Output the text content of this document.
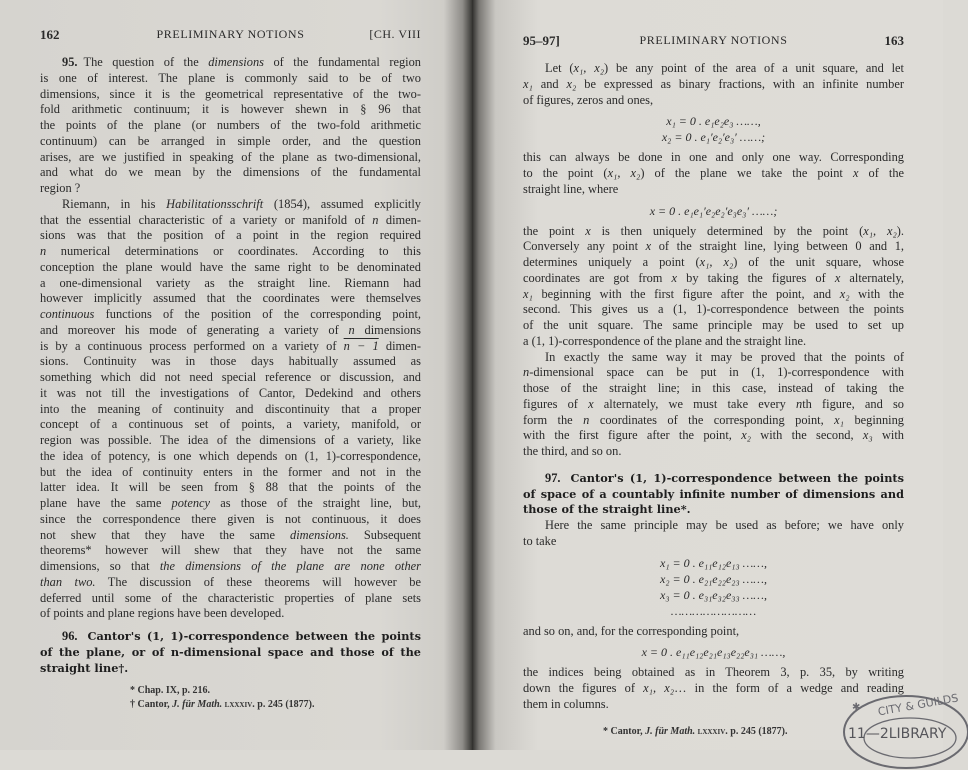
162	PRELIMINARY NOTIONS	[CH. VIII
95. The question of the dimensions of the fundamental region
is one of interest. The plane is commonly said to be of two
dimensions, since it is the geometrical representative of the two-
fold arithmetic continuum; it is however shewn in § 96 that
the points of the plane (or numbers of the two-fold arithmetic
continuum) can be arranged in simple order, and the question
arises, are we justified in speaking of the plane as two-dimensional,
and what do we mean by the dimensions of the fundamental
region ?
Riemann, in his Habilitationsschrift (1854), assumed explicitly
that the essential characteristic of a variety or manifold of n dimen-
sions was that the position of a point in the region required
n numerical determinations or coordinates. According to this
conception the plane would have the same right to be denominated
a one-dimensional variety as the straight line. Riemann had
however implicitly assumed that the coordinates were themselves
continuous functions of the position of the corresponding point,
and moreover his mode of generating a variety of n dimensions
is by a continuous process performed on a variety of n − 1 dimen-
sions. Continuity was in those days habitually assumed as
something which did not need special reference or discussion, and
it was not till the investigations of Cantor, Dedekind and others
into the meaning of continuity and discontinuity that a proper
concept of a continuous set of points, a variety, manifold, or
region was possible. The idea of the dimensions of a variety, like
the idea of potency, is one which depends on (1, 1)-correspondence,
but the idea of continuity enters in the former and not in the
latter idea. It will be seen from § 88 that the points of the
plane have the same potency as those of the straight line, but,
since the correspondence there given is not continuous, it does
not shew that they have the same dimensions. Subsequent
theorems* however will shew that they have not the same
dimensions, so that the dimensions of the plane are none other
than two. The discussion of these theorems will however be
deferred until some of the characteristic properties of plane sets
of points and plane regions have been developed.
96. Cantor's (1, 1)-correspondence between the points
of the plane, or of n-dimensional space and those of the
straight line†.
* Chap. IX, p. 216.
† Cantor, J. für Math. lxxxiv. p. 245 (1877).
95–97]	PRELIMINARY NOTIONS	163
Let (x₁, x₂) be any point of the area of a unit square, and let
x₁ and x₂ be expressed as binary fractions, with an infinite number
of figures, zeros and ones,
x₁ = 0 . e₁e₂e₃ ……,
x₂ = 0 . e₁′e₂′e₃′ ……;
this can always be done in one and only one way. Corresponding
to the point (x₁, x₂) of the plane we take the point x of the
straight line, where
x = 0 . e₁e₁′e₂e₂′e₃e₃′ ……;
the point x is then uniquely determined by the point (x₁, x₂).
Conversely any point x of the straight line, lying between 0 and 1,
determines uniquely a point (x₁, x₂) of the unit square, whose
coordinates are got from x by taking the figures of x alternately,
x₁ beginning with the first figure after the point, and x₂ with the
second. This gives us a (1, 1)-correspondence between the points
of the unit square. The same principle may be used to set up
a (1, 1)-correspondence of the plane and the straight line.
In exactly the same way it may be proved that the points of
n-dimensional space can be put in (1, 1)-correspondence with
those of the straight line; in this case, instead of taking the
figures of x alternately, we must take every nth figure, and so
form the n coordinates of the corresponding point, x₁ beginning
with the first figure after the point, x₂ with the second, x₃ with
the third, and so on.
97. Cantor's (1, 1)-correspondence between the points
of space of a countably infinite number of dimensions and
those of the straight line*.
Here the same principle may be used as before; we have only
to take
x₁ = 0 . e₁₁e₁₂e₁₃ ……,
x₂ = 0 . e₂₁e₂₂e₂₃ ……,
x₃ = 0 . e₃₁e₃₂e₃₃ ……,
……………………
and so on, and, for the corresponding point,
x = 0 . e₁₁e₁₂e₂₁e₁₃e₂₂e₃₁ ……,
the indices being obtained as in Theorem 3, p. 35, by writing
down the figures of x₁, x₂… in the form of a wedge and reading
them in columns.
* Cantor, J. für Math. lxxxiv. p. 245 (1877).
CITY & GUILDS
11—2LIBRARY
✱
